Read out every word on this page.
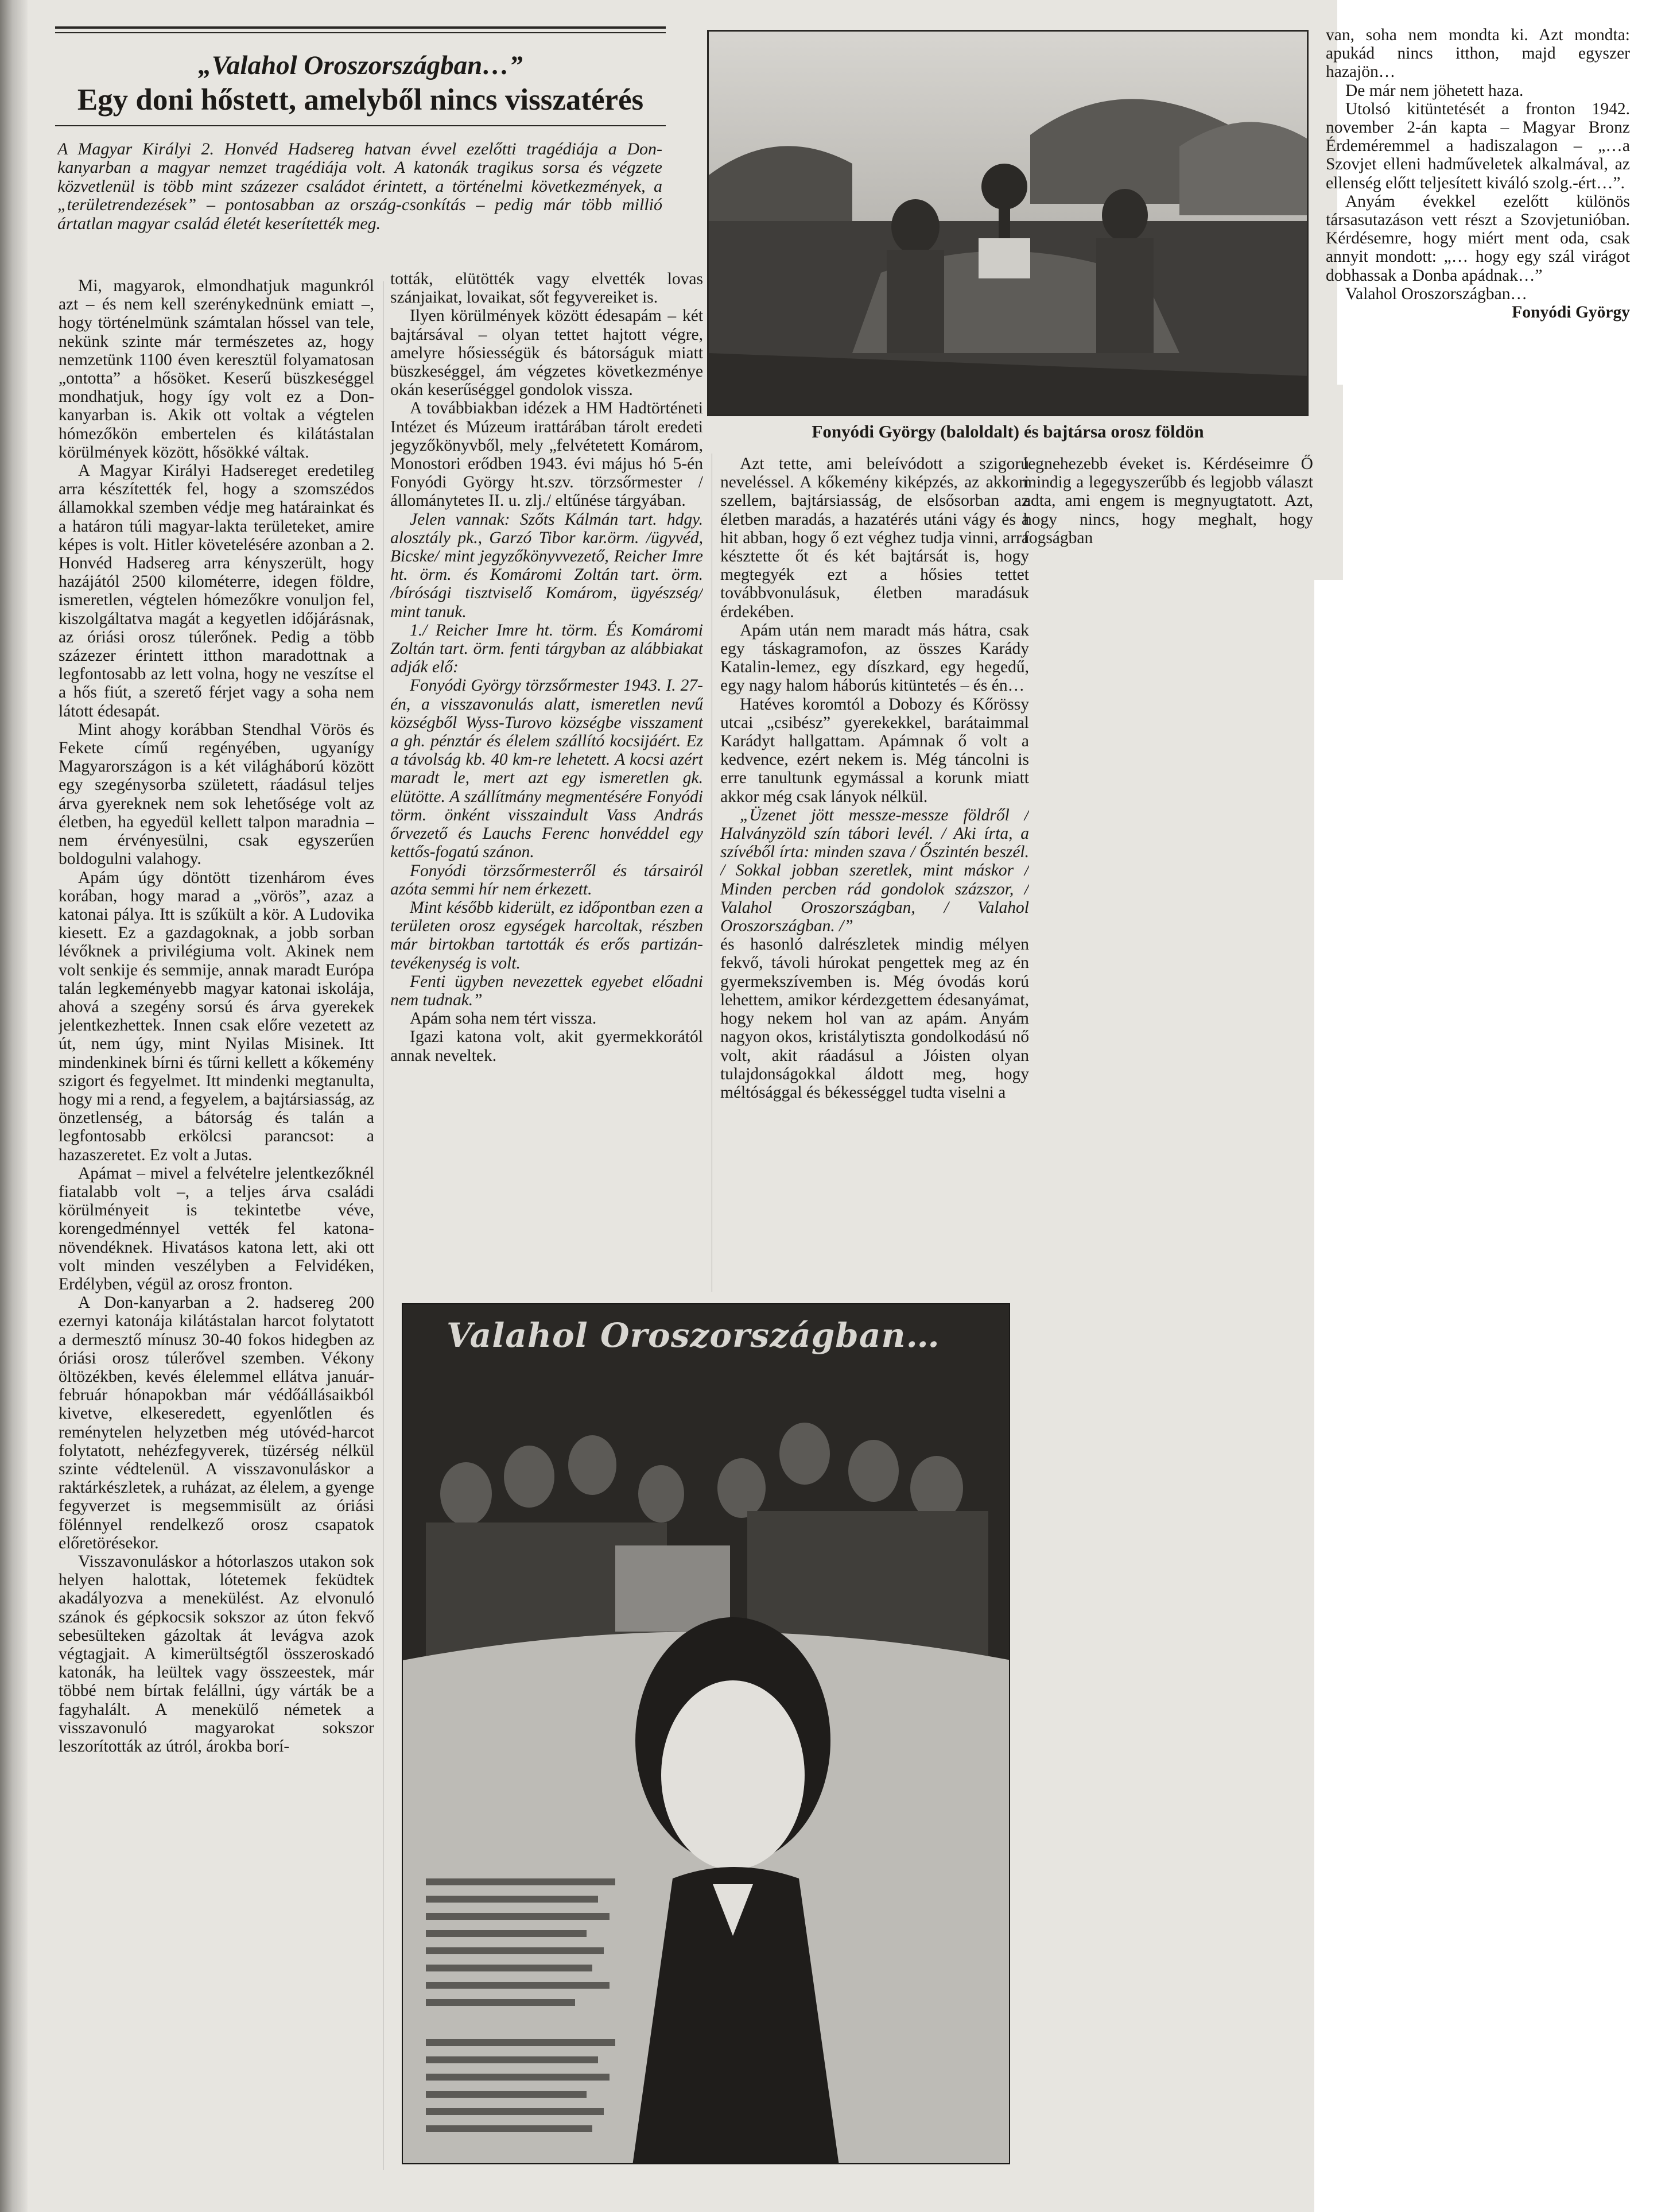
„Valahol Oroszországban…”
Egy doni hőstett, amelyből nincs visszatérés
A Magyar Királyi 2. Honvéd Hadsereg hatvan évvel ezelőtti tragédiája a Don-kanyarban a magyar nemzet tragédiája volt. A katonák tragikus sorsa és végzete közvetlenül is több mint százezer családot érintett, a történelmi következmények, a „területrendezések” – pontosabban az ország-csonkítás – pedig már több millió ártatlan magyar család életét keserítették meg.

Mi, magyarok, elmondhatjuk magunkról azt – és nem kell szerénykednünk emiatt –, hogy történelmünk számtalan hőssel van tele, nekünk szinte már természetes az, hogy nemzetünk 1100 éven keresztül folyamatosan „ontotta” a hősöket. Keserű büszkeséggel mondhatjuk, hogy így volt ez a Don-kanyarban is. Akik ott voltak a végtelen hómezőkön embertelen és kilátástalan körülmények között, hősökké váltak.

A Magyar Királyi Hadsereget eredetileg arra készítették fel, hogy a szomszédos államokkal szemben védje meg határainkat és a határon túli magyar-lakta területeket, amire képes is volt. Hitler követelésére azonban a 2. Honvéd Hadsereg arra kényszerült, hogy hazájától 2500 kilométerre, idegen földre, ismeretlen, végtelen hómezőkre vonuljon fel, kiszolgáltatva magát a kegyetlen időjárásnak, az óriási orosz túlerőnek. Pedig a több százezer érintett itthon maradottnak a legfontosabb az lett volna, hogy ne veszítse el a hős fiút, a szerető férjet vagy a soha nem látott édesapát.

Mint ahogy korábban Stendhal Vörös és Fekete című regényében, ugyanígy Magyarországon is a két világháború között egy szegénysorba született, ráadásul teljes árva gyereknek nem sok lehetősége volt az életben, ha egyedül kellett talpon maradnia – nem érvényesülni, csak egyszerűen boldogulni valahogy.

Apám úgy döntött tizenhárom éves korában, hogy marad a „vörös”, azaz a katonai pálya. Itt is szűkült a kör. A Ludovika kiesett. Ez a gazdagoknak, a jobb sorban lévőknek a privilégiuma volt. Akinek nem volt senkije és semmije, annak maradt Európa talán legkeményebb magyar katonai iskolája, ahová a szegény sorsú és árva gyerekek jelentkezhettek. Innen csak előre vezetett az út, nem úgy, mint Nyilas Misinek. Itt mindenkinek bírni és tűrni kellett a kőkemény szigort és fegyelmet. Itt mindenki megtanulta, hogy mi a rend, a fegyelem, a bajtársiasság, az önzetlenség, a bátorság és talán a legfontosabb erkölcsi parancsot: a hazaszeretet. Ez volt a Jutas.

Apámat – mivel a felvételre jelentkezőknél fiatalabb volt –, a teljes árva családi körülményeit is tekintetbe véve, korengedménnyel vették fel katona-növendéknek. Hivatásos katona lett, aki ott volt minden veszélyben a Felvidéken, Erdélyben, végül az orosz fronton.

A Don-kanyarban a 2. hadsereg 200 ezernyi katonája kilátástalan harcot folytatott a dermesztő mínusz 30-40 fokos hidegben az óriási orosz túlerővel szemben. Vékony öltözékben, kevés élelemmel ellátva január-február hónapokban már védőállásaikból kivetve, elkeseredett, egyenlőtlen és reménytelen helyzetben még utóvéd-harcot folytatott, nehézfegyverek, tüzérség nélkül szinte védtelenül. A visszavonuláskor a raktárkészletek, a ruházat, az élelem, a gyenge fegyverzet is megsemmisült az óriási fölénnyel rendelkező orosz csapatok előretörésekor.

Visszavonuláskor a hótorlaszos utakon sok helyen halottak, lótetemek feküdtek akadályozva a menekülést. Az elvonuló szánok és gépkocsik sokszor az úton fekvő sebesülteken gázoltak át levágva azok végtagjait. A kimerültségtől összeroskadó katonák, ha leültek vagy összeestek, már többé nem bírtak felállni, úgy várták be a fagyhalált. A menekülő németek a visszavonuló magyarokat sokszor leszorították az útról, árokba borí-

tották, elütötték vagy elvették lovas szánjaikat, lovaikat, sőt fegyvereiket is.

Ilyen körülmények között édesapám – két bajtársával – olyan tettet hajtott végre, amelyre hősiességük és bátorságuk miatt büszkeséggel, ám végzetes következménye okán keserűséggel gondolok vissza.

A továbbiakban idézek a HM Hadtörténeti Intézet és Múzeum irattárában tárolt eredeti jegyzőkönyvből, mely „felvétetett Komárom, Monostori erődben 1943. évi május hó 5-én Fonyódi György ht.szv. törzsőrmester /állománytetes II. u. zlj./ eltűnése tárgyában.

Jelen vannak: Szőts Kálmán tart. hdgy. alosztály pk., Garzó Tibor kar.örm. /ügyvéd, Bicske/ mint jegyzőkönyvvezető, Reicher Imre ht. örm. és Komáromi Zoltán tart. örm. /bírósági tisztviselő Komárom, ügyészség/ mint tanuk.

1./ Reicher Imre ht. törm. És Komáromi Zoltán tart. örm. fenti tárgyban az alábbiakat adják elő:

Fonyódi György törzsőrmester 1943. I. 27-én, a visszavonulás alatt, ismeretlen nevű községből Wyss-Turovo községbe visszament a gh. pénztár és élelem szállító kocsijáért. Ez a távolság kb. 40 km-re lehetett. A kocsi azért maradt le, mert azt egy ismeretlen gk. elütötte. A szállítmány megmentésére Fonyódi törm. önként visszaindult Vass András őrvezető és Lauchs Ferenc honvéddel egy kettős-fogatú szánon.

Fonyódi törzsőrmesterről és társairól azóta semmi hír nem érkezett.

Mint később kiderült, ez időpontban ezen a területen orosz egységek harcoltak, részben már birtokban tartották és erős partizán-tevékenység is volt.

Fenti ügyben nevezettek egyebet előadni nem tudnak.”

Apám soha nem tért vissza.

Igazi katona volt, akit gyermekkorától annak neveltek.

Fonyódi György (baloldalt) és bajtársa orosz földön

Azt tette, ami beleívódott a szigorú neveléssel. A kőkemény kiképzés, az akkori szellem, bajtársiasság, de elsősorban az életben maradás, a hazatérés utáni vágy és a hit abban, hogy ő ezt véghez tudja vinni, arra késztette őt és két bajtársát is, hogy megtegyék ezt a hősies tettet továbbvonulásuk, életben maradásuk érdekében.

Apám után nem maradt más hátra, csak egy táskagramofon, az összes Karády Katalin-lemez, egy díszkard, egy hegedű, egy nagy halom háborús kitüntetés – és én…

Hatéves koromtól a Dobozy és Kőrössy utcai „csibész” gyerekekkel, barátaimmal Karádyt hallgattam. Apámnak ő volt a kedvence, ezért nekem is. Még táncolni is erre tanultunk egymással a korunk miatt akkor még csak lányok nélkül.

„Üzenet jött messze-messze földről / Halványzöld szín tábori levél. / Aki írta, a szívéből írta: minden szava / Őszintén beszél. / Sokkal jobban szeretlek, mint máskor / Minden percben rád gondolok százszor, / Valahol Oroszországban, / Valahol Oroszországban. /”

és hasonló dalrészletek mindig mélyen fekvő, távoli húrokat pengettek meg az én gyermekszívemben is. Még óvodás korú lehettem, amikor kérdezgettem édesanyámat, hogy nekem hol van az apám. Anyám nagyon okos, kristálytiszta gondolkodású nő volt, akit ráadásul a Jóisten olyan tulajdonságokkal áldott meg, hogy méltósággal és békességgel tudta viselni a

legnehezebb éveket is. Kérdéseimre Ő mindig a legegyszerűbb és legjobb választ adta, ami engem is megnyugtatott. Azt, hogy nincs, hogy meghalt, hogy fogságban

van, soha nem mondta ki. Azt mondta: apukád nincs itthon, majd egyszer hazajön…

De már nem jöhetett haza.

Utolsó kitüntetését a fronton 1942. november 2-án kapta – Magyar Bronz Érdeméremmel a hadiszalagon – „…a Szovjet elleni hadműveletek alkalmával, az ellenség előtt teljesített kiváló szolg.-ért…”.

Anyám évekkel ezelőtt különös társasutazáson vett részt a Szovjetunióban. Kérdésemre, hogy miért ment oda, csak annyit mondott: „… hogy egy szál virágot dobhassak a Donba apádnak…”

Valahol Oroszországban…

Fonyódi György

Valahol Oroszországban…
